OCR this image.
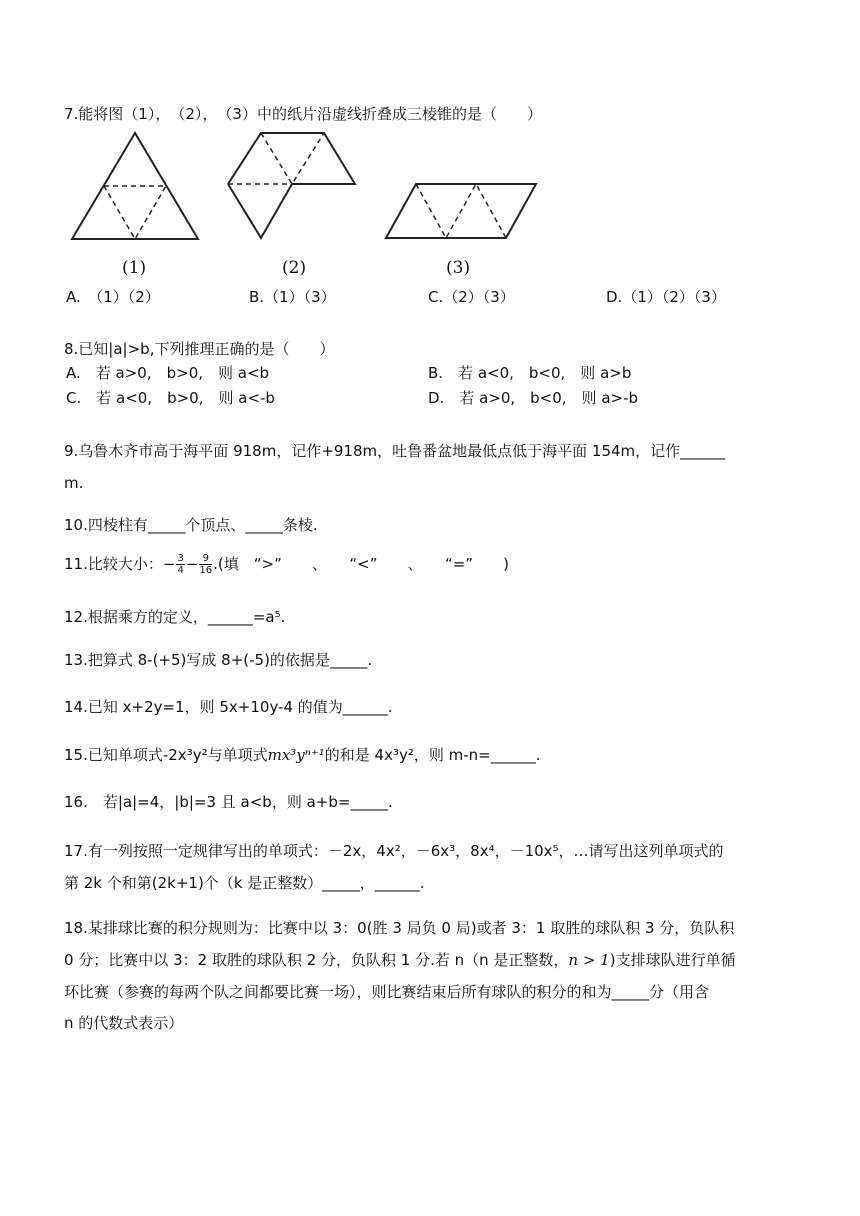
7.能将图（1），　（2），　（3）中的纸片沿虚线折叠成三棱锥的是（　　）
(1)	(2)	(3)
A.　（1）（2）	B.（1）（3）	C.（2）（3）	D.（1）（2）（3）
8.已知|a|>b,下列推理正确的是（　　）
A.　若 a>0,　b>0,　则 a<b	B.　若 a<0,　b<0,　则 a>b
C.　若 a<0,　b>0,　则 a<-b	D.　若 a>0,　b<0,　则 a>-b
9.乌鲁木齐市高于海平面 918m，记作+918m，吐鲁番盆地最低点低于海平面 154m，记作______
m.
10.四棱柱有_____个顶点、_____条棱.
11.比较大小：− $\frac{3}{4} - \frac{9}{16}$ .(填　“>”　　、　　“<”　　、　　“=”　　)
12.根据乘方的定义，______=a⁵.
13.把算式 8-(+5)写成 8+(-5)的依据是_____.
14.已知 x+2y=1，则 5x+10y-4 的值为______.
15.已知单项式-2x³y²与单项式mx³yⁿ⁺¹的和是 4x³y²，则 m-n=______.
16.　若|a|=4，|b|=3 且 a<b，则 a+b=_____.
17.有一列按照一定规律写出的单项式：－2x，4x²，－6x³，8x⁴，－10x⁵，…请写出这列单项式的
第 2k 个和第(2k+1)个（k 是正整数）_____，______.
18.某排球比赛的积分规则为：比赛中以 3：0(胜 3 局负 0 局)或者 3：1 取胜的球队积 3 分，负队积
0 分；比赛中以 3：2 取胜的球队积 2 分，负队积 1 分.若 n（n 是正整数，n > 1)支排球队进行单循
环比赛（参赛的每两个队之间都要比赛一场），则比赛结束后所有球队的积分的和为_____分（用含
n 的代数式表示）
